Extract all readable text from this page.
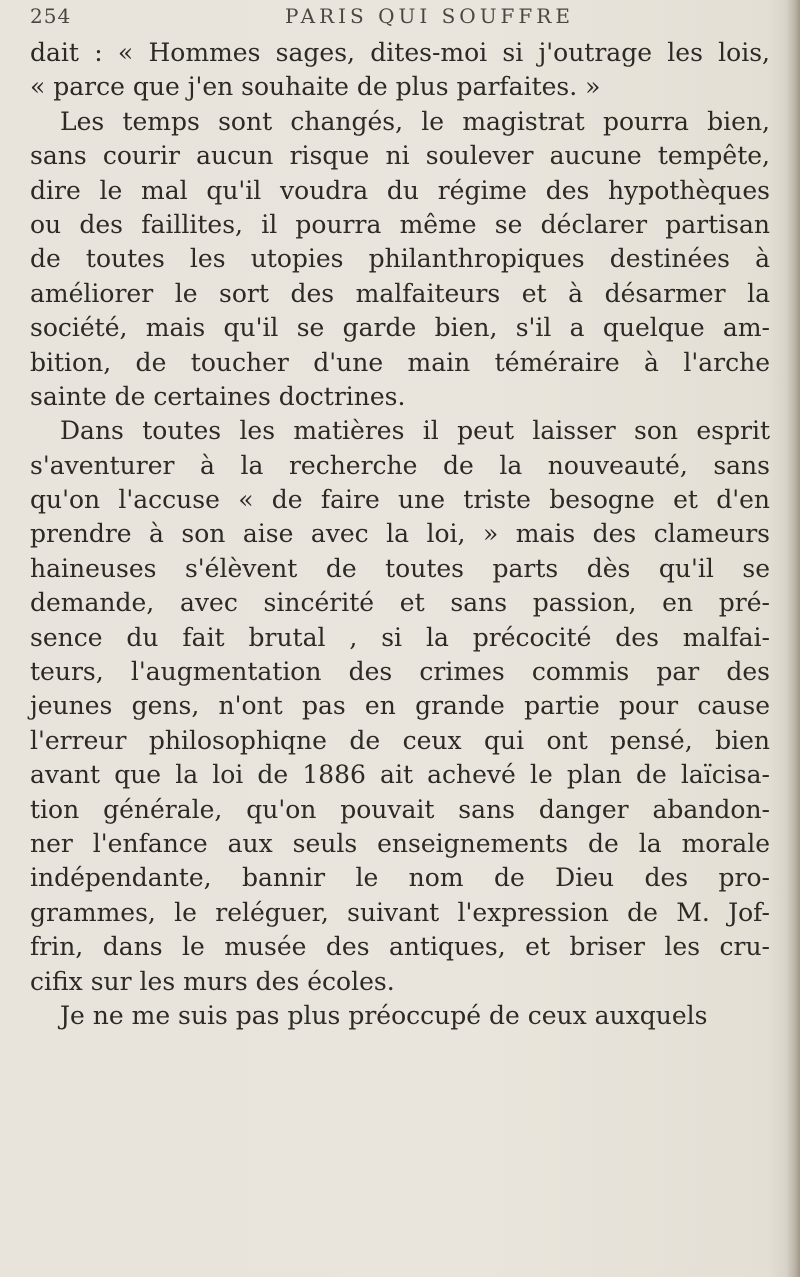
254	PARIS QUI SOUFFRE
dait : « Hommes sages, dites-moi si j'outrage les lois,
« parce que j'en souhaite de plus parfaites. »
Les temps sont changés, le magistrat pourra bien,
sans courir aucun risque ni soulever aucune tempête,
dire le mal qu'il voudra du régime des hypothèques
ou des faillites, il pourra même se déclarer partisan
de toutes les utopies philanthropiques destinées à
améliorer le sort des malfaiteurs et à désarmer la
société, mais qu'il se garde bien, s'il a quelque am-
bition, de toucher d'une main téméraire à l'arche
sainte de certaines doctrines.
Dans toutes les matières il peut laisser son esprit
s'aventurer à la recherche de la nouveauté, sans
qu'on l'accuse « de faire une triste besogne et d'en
prendre à son aise avec la loi, » mais des clameurs
haineuses s'élèvent de toutes parts dès qu'il se
demande, avec sincérité et sans passion, en pré-
sence du fait brutal , si la précocité des malfai-
teurs, l'augmentation des crimes commis par des
jeunes gens, n'ont pas en grande partie pour cause
l'erreur philosophiqne de ceux qui ont pensé, bien
avant que la loi de 1886 ait achevé le plan de laïcisa-
tion générale, qu'on pouvait sans danger abandon-
ner l'enfance aux seuls enseignements de la morale
indépendante, bannir le nom de Dieu des pro-
grammes, le reléguer, suivant l'expression de M. Jof-
frin, dans le musée des antiques, et briser les cru-
cifix sur les murs des écoles.
Je ne me suis pas plus préoccupé de ceux auxquels
